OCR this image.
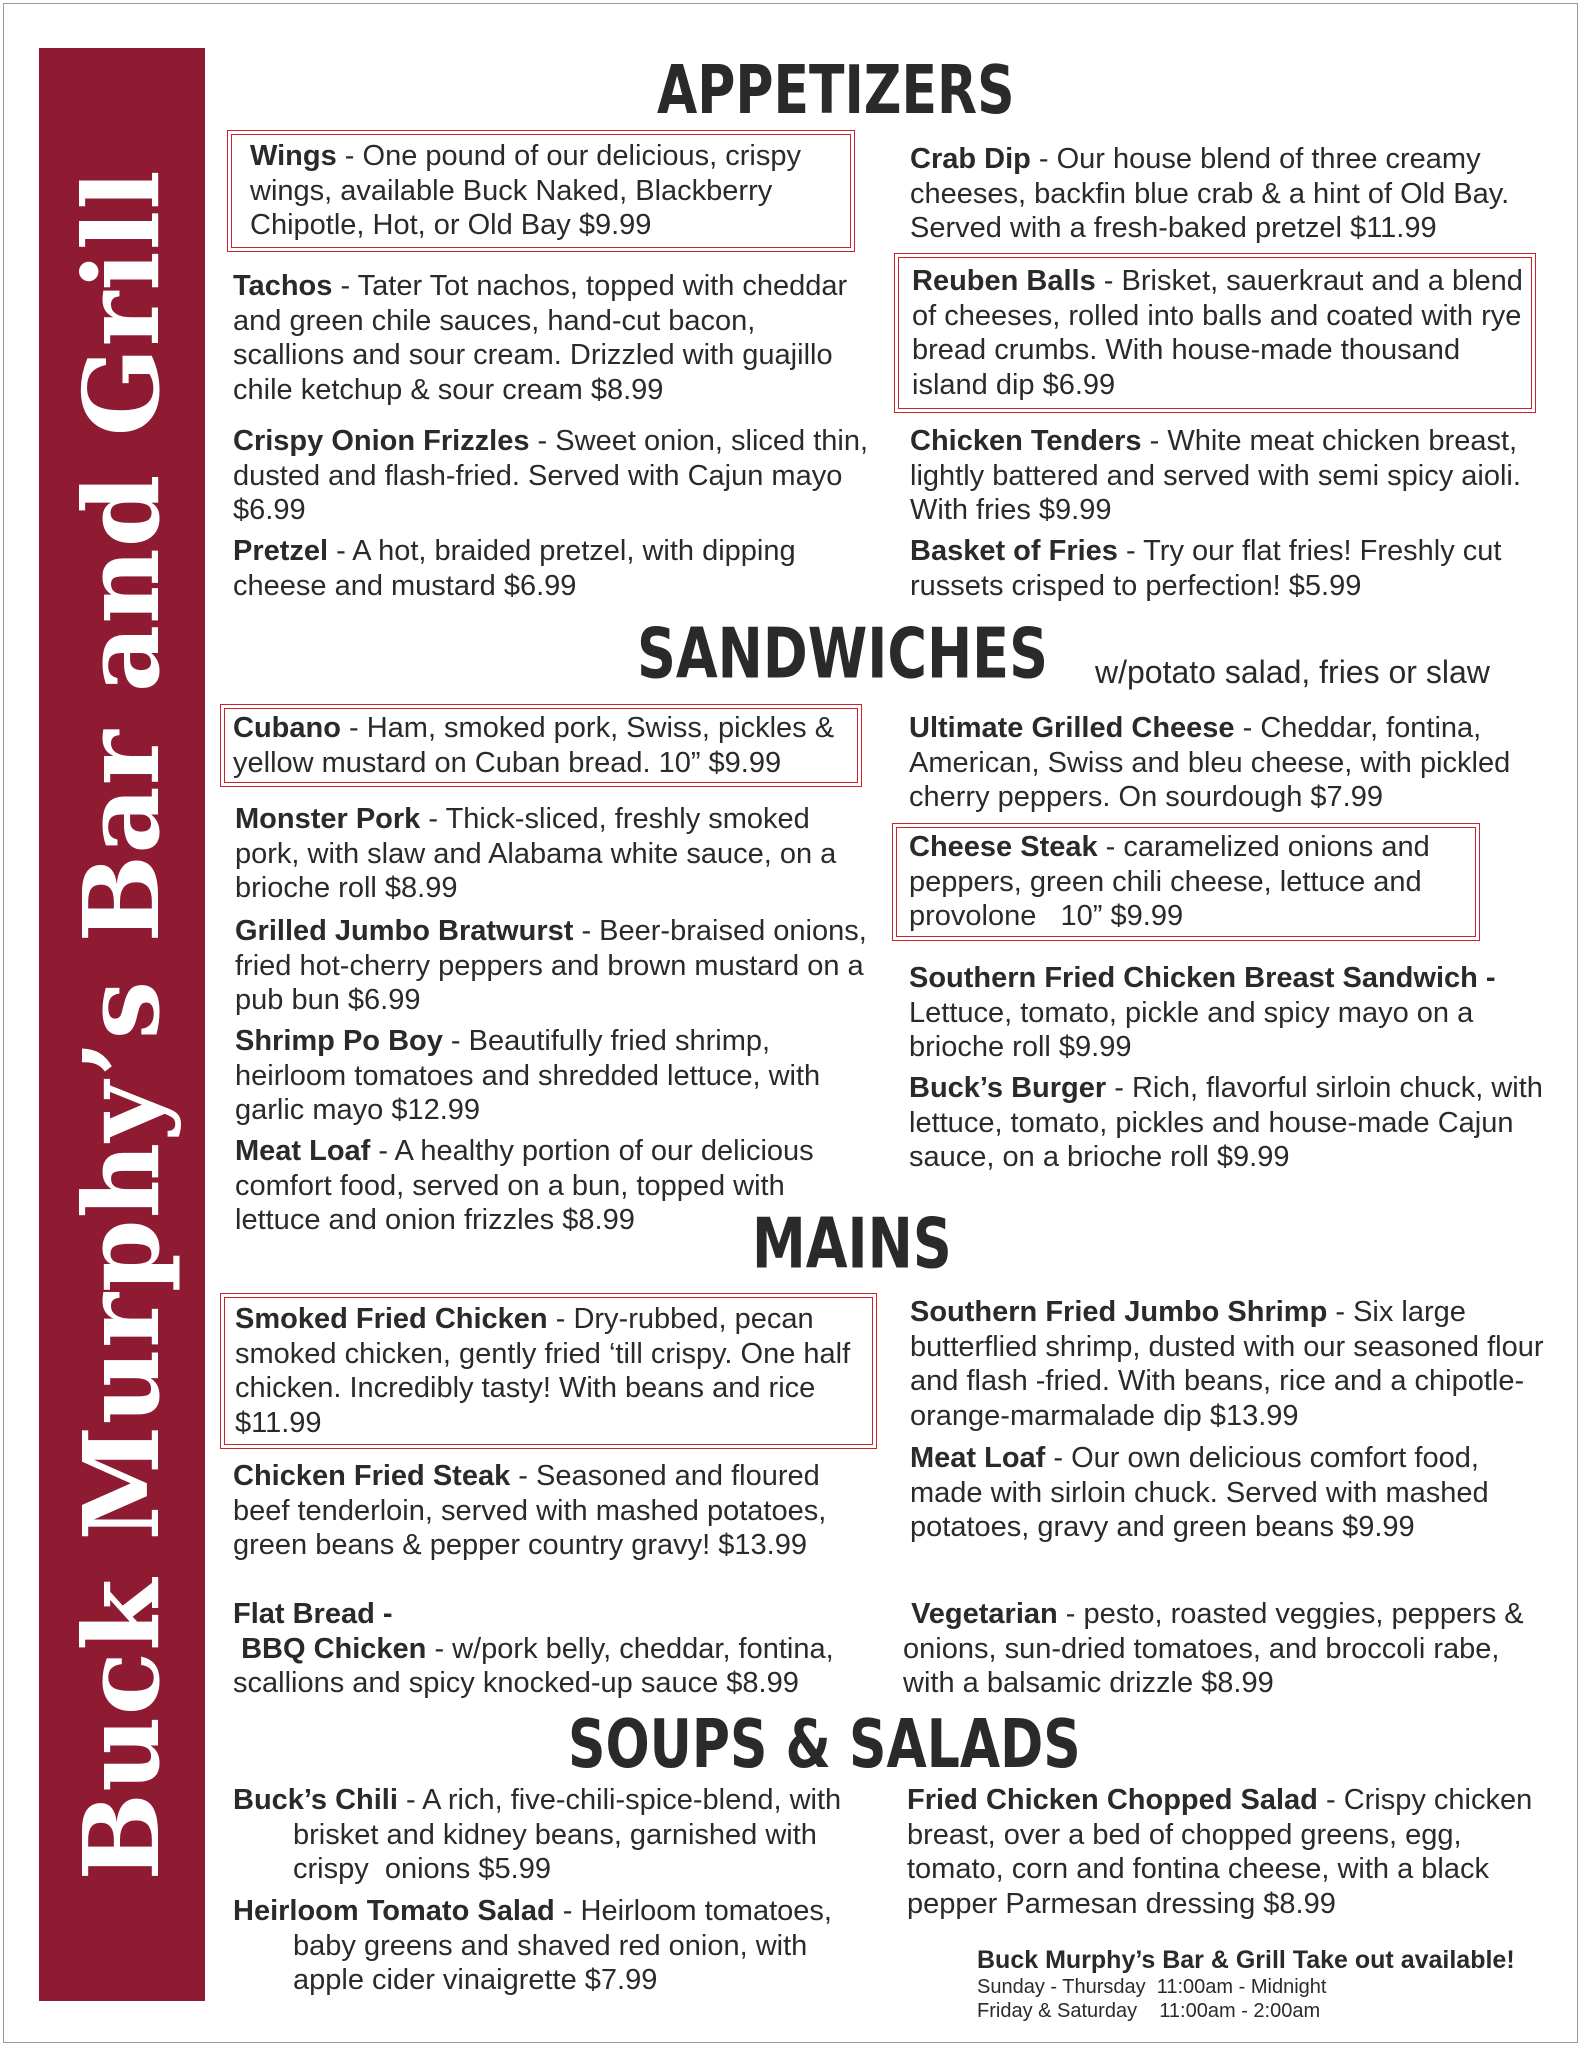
Buck Murphy’s Bar and Grill
APPETIZERS
Wings - One pound of our delicious, crispy wings, available Buck Naked, Blackberry Chipotle, Hot, or Old Bay $9.99
Crab Dip - Our house blend of three creamy cheeses, backfin blue crab & a hint of Old Bay. Served with a fresh-baked pretzel $11.99
Tachos - Tater Tot nachos, topped with cheddar and green chile sauces, hand-cut bacon, scallions and sour cream. Drizzled with guajillo chile ketchup & sour cream $8.99
Reuben Balls - Brisket, sauerkraut and a blend of cheeses, rolled into balls and coated with rye bread crumbs. With house-made thousand island dip $6.99
Crispy Onion Frizzles - Sweet onion, sliced thin, dusted and flash-fried. Served with Cajun mayo $6.99
Chicken Tenders - White meat chicken breast, lightly battered and served with semi spicy aioli. With fries $9.99
Pretzel - A hot, braided pretzel, with dipping cheese and mustard $6.99
Basket of Fries - Try our flat fries! Freshly cut russets crisped to perfection! $5.99
SANDWICHES w/potato salad, fries or slaw
Cubano - Ham, smoked pork, Swiss, pickles & yellow mustard on Cuban bread. 10” $9.99
Ultimate Grilled Cheese - Cheddar, fontina, American, Swiss and bleu cheese, with pickled cherry peppers. On sourdough $7.99
Monster Pork - Thick-sliced, freshly smoked pork, with slaw and Alabama white sauce, on a brioche roll $8.99
Cheese Steak - caramelized onions and peppers, green chili cheese, lettuce and provolone   10” $9.99
Grilled Jumbo Bratwurst - Beer-braised onions, fried hot-cherry peppers and brown mustard on a pub bun $6.99
Southern Fried Chicken Breast Sandwich - Lettuce, tomato, pickle and spicy mayo on a brioche roll $9.99
Shrimp Po Boy - Beautifully fried shrimp, heirloom tomatoes and shredded lettuce, with garlic mayo $12.99
Buck’s Burger - Rich, flavorful sirloin chuck, with lettuce, tomato, pickles and house-made Cajun sauce, on a brioche roll $9.99
Meat Loaf - A healthy portion of our delicious comfort food, served on a bun, topped with lettuce and onion frizzles $8.99	MAINS
Smoked Fried Chicken - Dry-rubbed, pecan smoked chicken, gently fried ‘till crispy. One half chicken. Incredibly tasty! With beans and rice $11.99
Southern Fried Jumbo Shrimp - Six large butterflied shrimp, dusted with our seasoned flour and flash -fried. With beans, rice and a chipotle-orange-marmalade dip $13.99
Chicken Fried Steak - Seasoned and floured beef tenderloin, served with mashed potatoes, green beans & pepper country gravy! $13.99
Meat Loaf - Our own delicious comfort food, made with sirloin chuck. Served with mashed potatoes, gravy and green beans $9.99
Flat Bread -
BBQ Chicken - w/pork belly, cheddar, fontina, scallions and spicy knocked-up sauce $8.99
Vegetarian - pesto, roasted veggies, peppers & onions, sun-dried tomatoes, and broccoli rabe, with a balsamic drizzle $8.99
SOUPS & SALADS
Buck’s Chili - A rich, five-chili-spice-blend, with brisket and kidney beans, garnished with crispy  onions $5.99
Fried Chicken Chopped Salad - Crispy chicken breast, over a bed of chopped greens, egg, tomato, corn and fontina cheese, with a black pepper Parmesan dressing $8.99
Heirloom Tomato Salad - Heirloom tomatoes, baby greens and shaved red onion, with apple cider vinaigrette $7.99
Buck Murphy’s Bar & Grill Take out available!
Sunday - Thursday  11:00am - Midnight
Friday & Saturday    11:00am - 2:00am
